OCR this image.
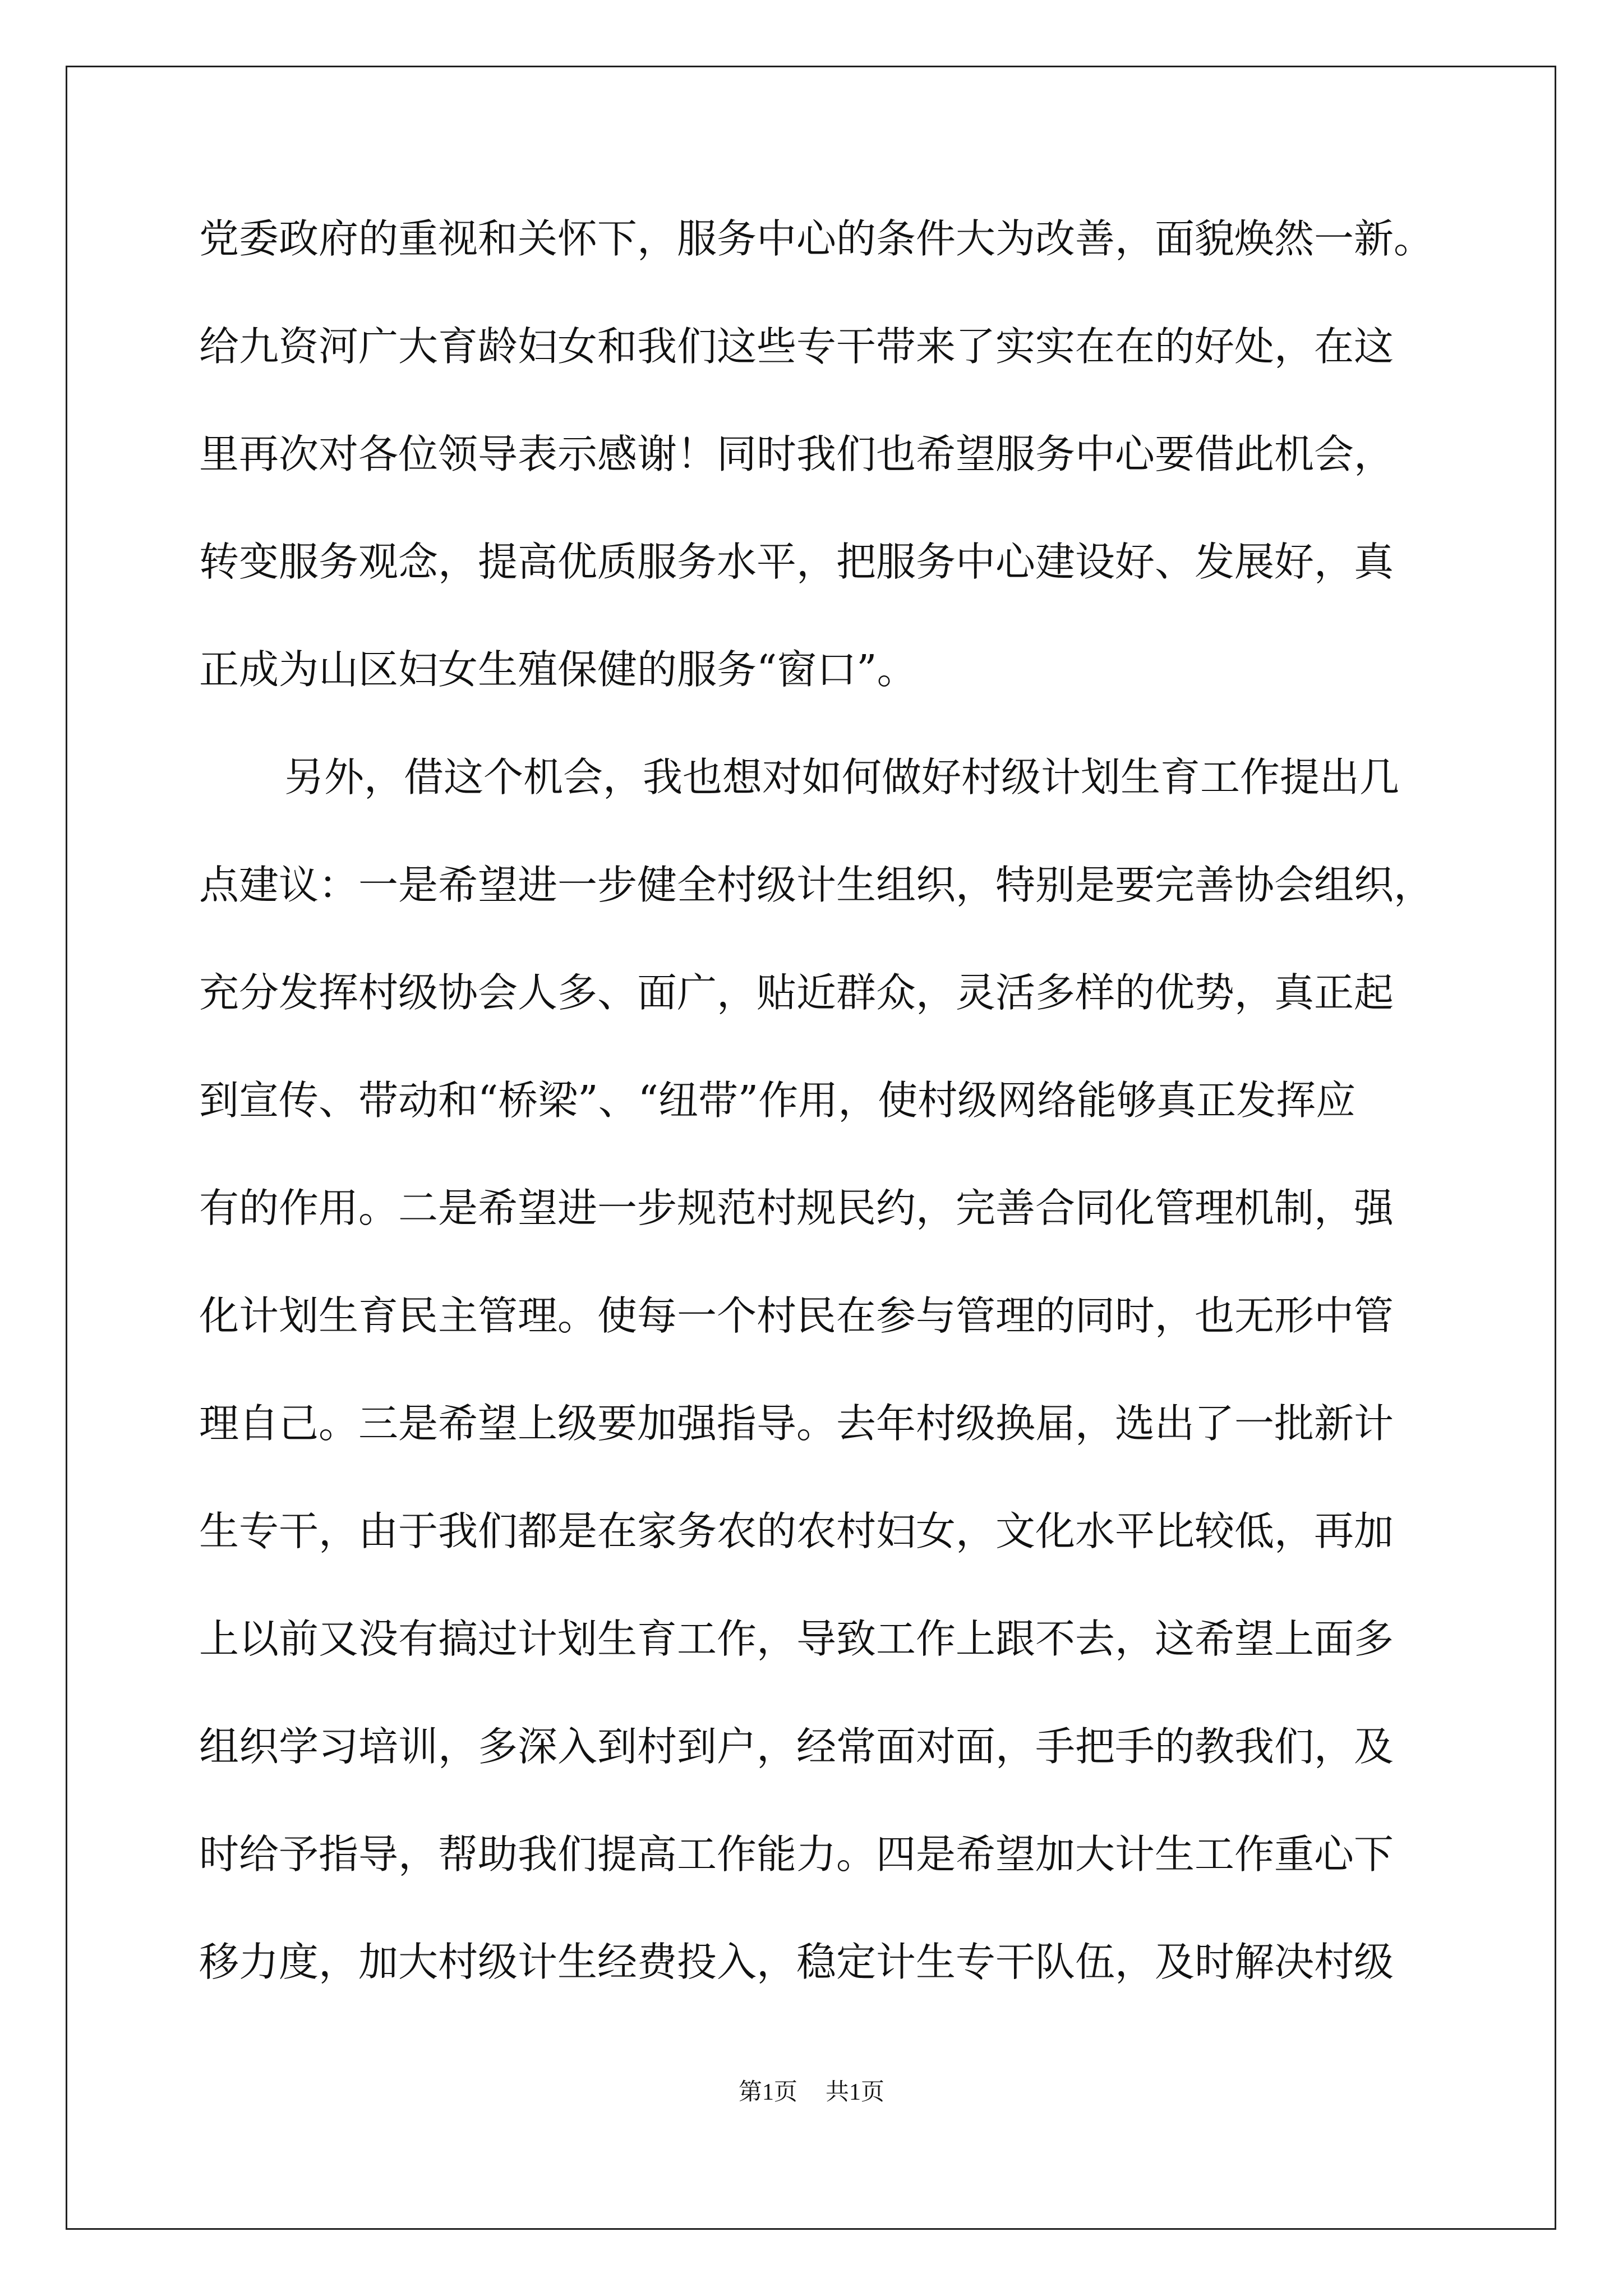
党委政府的重视和关怀下，服务中心的条件大为改善，面貌焕然一新。
给九资河广大育龄妇女和我们这些专干带来了实实在在的好处，在这
里再次对各位领导表示感谢！同时我们也希望服务中心要借此机会，
转变服务观念，提高优质服务水平，把服务中心建设好、发展好，真
正成为山区妇女生殖保健的服务“窗口”。
另外，借这个机会，我也想对如何做好村级计划生育工作提出几
点建议：一是希望进一步健全村级计生组织，特别是要完善协会组织，
充分发挥村级协会人多、面广，贴近群众，灵活多样的优势，真正起
到宣传、带动和“桥梁”、“纽带”作用，使村级网络能够真正发挥应
有的作用。二是希望进一步规范村规民约，完善合同化管理机制，强
化计划生育民主管理。使每一个村民在参与管理的同时，也无形中管
理自己。三是希望上级要加强指导。去年村级换届，选出了一批新计
生专干，由于我们都是在家务农的农村妇女，文化水平比较低，再加
上以前又没有搞过计划生育工作，导致工作上跟不去，这希望上面多
组织学习培训，多深入到村到户，经常面对面，手把手的教我们，及
时给予指导，帮助我们提高工作能力。四是希望加大计生工作重心下
移力度，加大村级计生经费投入，稳定计生专干队伍，及时解决村级
第1页 共1页
